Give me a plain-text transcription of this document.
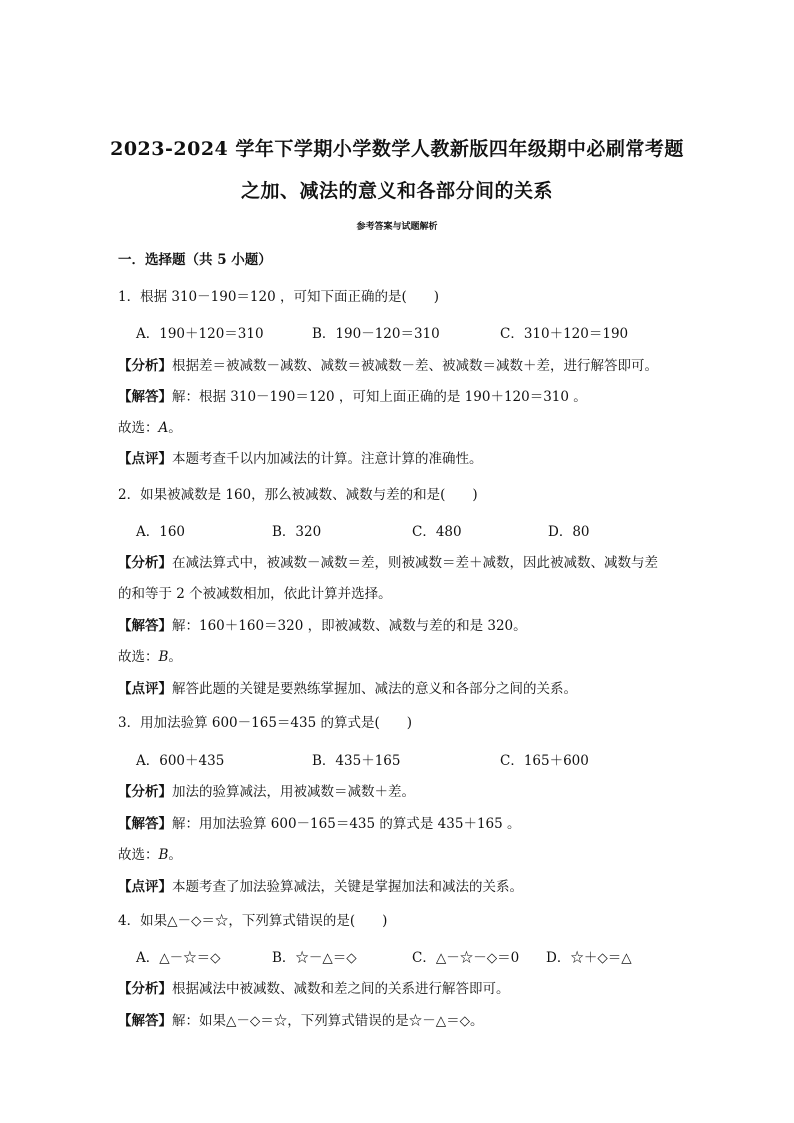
2023-2024 学年下学期小学数学人教新版四年级期中必刷常考题
之加、减法的意义和各部分间的关系
参考答案与试题解析
一．选择题（共 5 小题）
1．根据 310－190＝120 ，可知下面正确的是(　　)
A．190＋120＝310	B．190－120＝310	C．310＋120＝190
【分析】根据差＝被减数－减数、减数＝被减数－差、被减数＝减数＋差，进行解答即可。
【解答】解：根据 310－190＝120 ，可知上面正确的是 190＋120＝310 。
故选：A。
【点评】本题考查千以内加减法的计算。注意计算的准确性。
2．如果被减数是 160，那么被减数、减数与差的和是(　　)
A．160	B．320	C．480	D．80
【分析】在减法算式中，被减数－减数＝差，则被减数＝差＋减数，因此被减数、减数与差
的和等于 2 个被减数相加，依此计算并选择。
【解答】解：160＋160＝320 ，即被减数、减数与差的和是 320。
故选：B。
【点评】解答此题的关键是要熟练掌握加、减法的意义和各部分之间的关系。
3．用加法验算 600－165＝435 的算式是(　　)
A．600＋435	B．435＋165	C．165＋600
【分析】加法的验算减法，用被减数＝减数＋差。
【解答】解：用加法验算 600－165＝435 的算式是 435＋165 。
故选：B。
【点评】本题考查了加法验算减法，关键是掌握加法和减法的关系。
4．如果△－◇＝☆，下列算式错误的是(　　)
A．△－☆＝◇	B．☆－△＝◇	C．△－☆－◇＝0 D．☆＋◇＝△
【分析】根据减法中被减数、减数和差之间的关系进行解答即可。
【解答】解：如果△－◇＝☆，下列算式错误的是☆－△＝◇。
